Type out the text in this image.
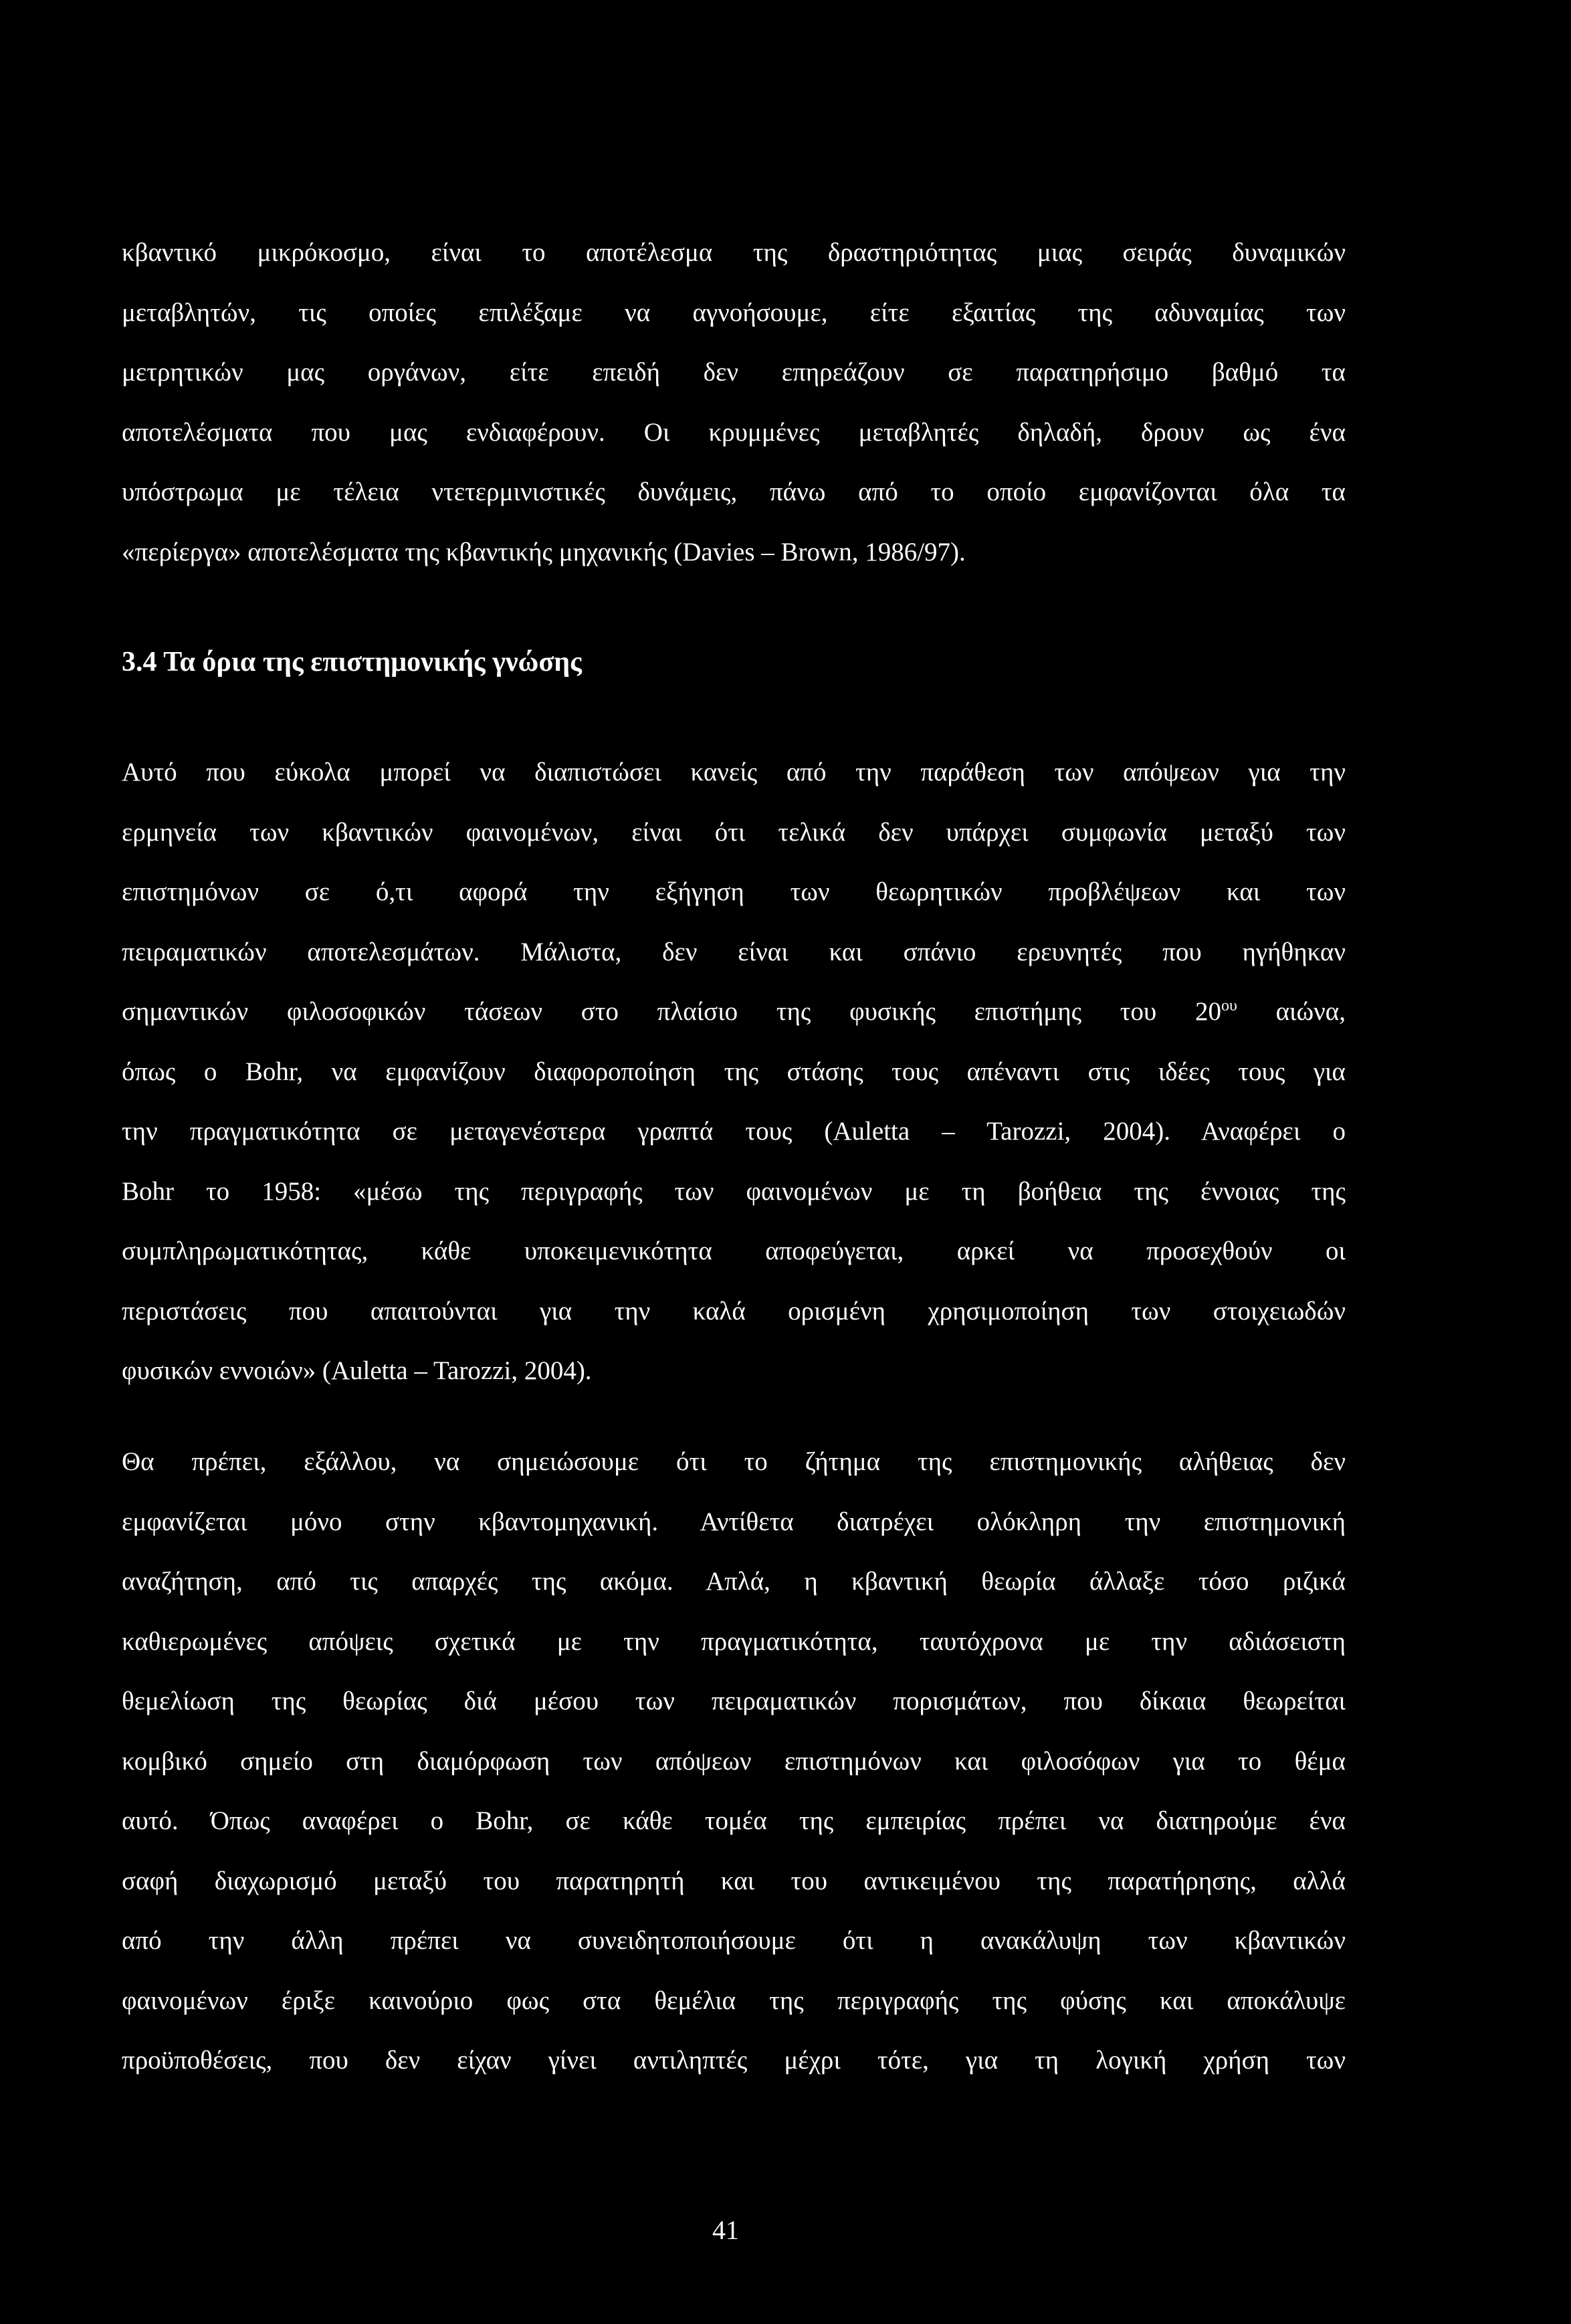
κβαντικό μικρόκοσμο, είναι το αποτέλεσμα της δραστηριότητας μιας σειράς δυναμικών
μεταβλητών, τις οποίες επιλέξαμε να αγνοήσουμε, είτε εξαιτίας της αδυναμίας των
μετρητικών μας οργάνων, είτε επειδή δεν επηρεάζουν σε παρατηρήσιμο βαθμό τα
αποτελέσματα που μας ενδιαφέρουν. Οι κρυμμένες μεταβλητές δηλαδή, δρουν ως ένα
υπόστρωμα με τέλεια ντετερμινιστικές δυνάμεις, πάνω από το οποίο εμφανίζονται όλα τα
«περίεργα» αποτελέσματα της κβαντικής μηχανικής (Davies – Brown, 1986/97).
3.4 Τα όρια της επιστημονικής γνώσης
Αυτό που εύκολα μπορεί να διαπιστώσει κανείς από την παράθεση των απόψεων για την
ερμηνεία των κβαντικών φαινομένων, είναι ότι τελικά δεν υπάρχει συμφωνία μεταξύ των
επιστημόνων σε ό,τι αφορά την εξήγηση των θεωρητικών προβλέψεων και των
πειραματικών αποτελεσμάτων. Μάλιστα, δεν είναι και σπάνιο ερευνητές που ηγήθηκαν
σημαντικών φιλοσοφικών τάσεων στο πλαίσιο της φυσικής επιστήμης του $20^{o\upsilon}$ αιώνα,
όπως ο Bohr, να εμφανίζουν διαφοροποίηση της στάσης τους απέναντι στις ιδέες τους για
την πραγματικότητα σε μεταγενέστερα γραπτά τους (Auletta – Tarozzi, 2004). Αναφέρει ο
Bohr το 1958: «μέσω της περιγραφής των φαινομένων με τη βοήθεια της έννοιας της
συμπληρωματικότητας, κάθε υποκειμενικότητα αποφεύγεται, αρκεί να προσεχθούν οι
περιστάσεις που απαιτούνται για την καλά ορισμένη χρησιμοποίηση των στοιχειωδών
φυσικών εννοιών» (Auletta – Tarozzi, 2004).
Θα πρέπει, εξάλλου, να σημειώσουμε ότι το ζήτημα της επιστημονικής αλήθειας δεν
εμφανίζεται μόνο στην κβαντομηχανική. Αντίθετα διατρέχει ολόκληρη την επιστημονική
αναζήτηση, από τις απαρχές της ακόμα. Απλά, η κβαντική θεωρία άλλαξε τόσο ριζικά
καθιερωμένες απόψεις σχετικά με την πραγματικότητα, ταυτόχρονα με την αδιάσειστη
θεμελίωση της θεωρίας διά μέσου των πειραματικών πορισμάτων, που δίκαια θεωρείται
κομβικό σημείο στη διαμόρφωση των απόψεων επιστημόνων και φιλοσόφων για το θέμα
αυτό. Όπως αναφέρει ο Bohr, σε κάθε τομέα της εμπειρίας πρέπει να διατηρούμε ένα
σαφή διαχωρισμό μεταξύ του παρατηρητή και του αντικειμένου της παρατήρησης, αλλά
από την άλλη πρέπει να συνειδητοποιήσουμε ότι η ανακάλυψη των κβαντικών
φαινομένων έριξε καινούριο φως στα θεμέλια της περιγραφής της φύσης και αποκάλυψε
προϋποθέσεις, που δεν είχαν γίνει αντιληπτές μέχρι τότε, για τη λογική χρήση των
41
